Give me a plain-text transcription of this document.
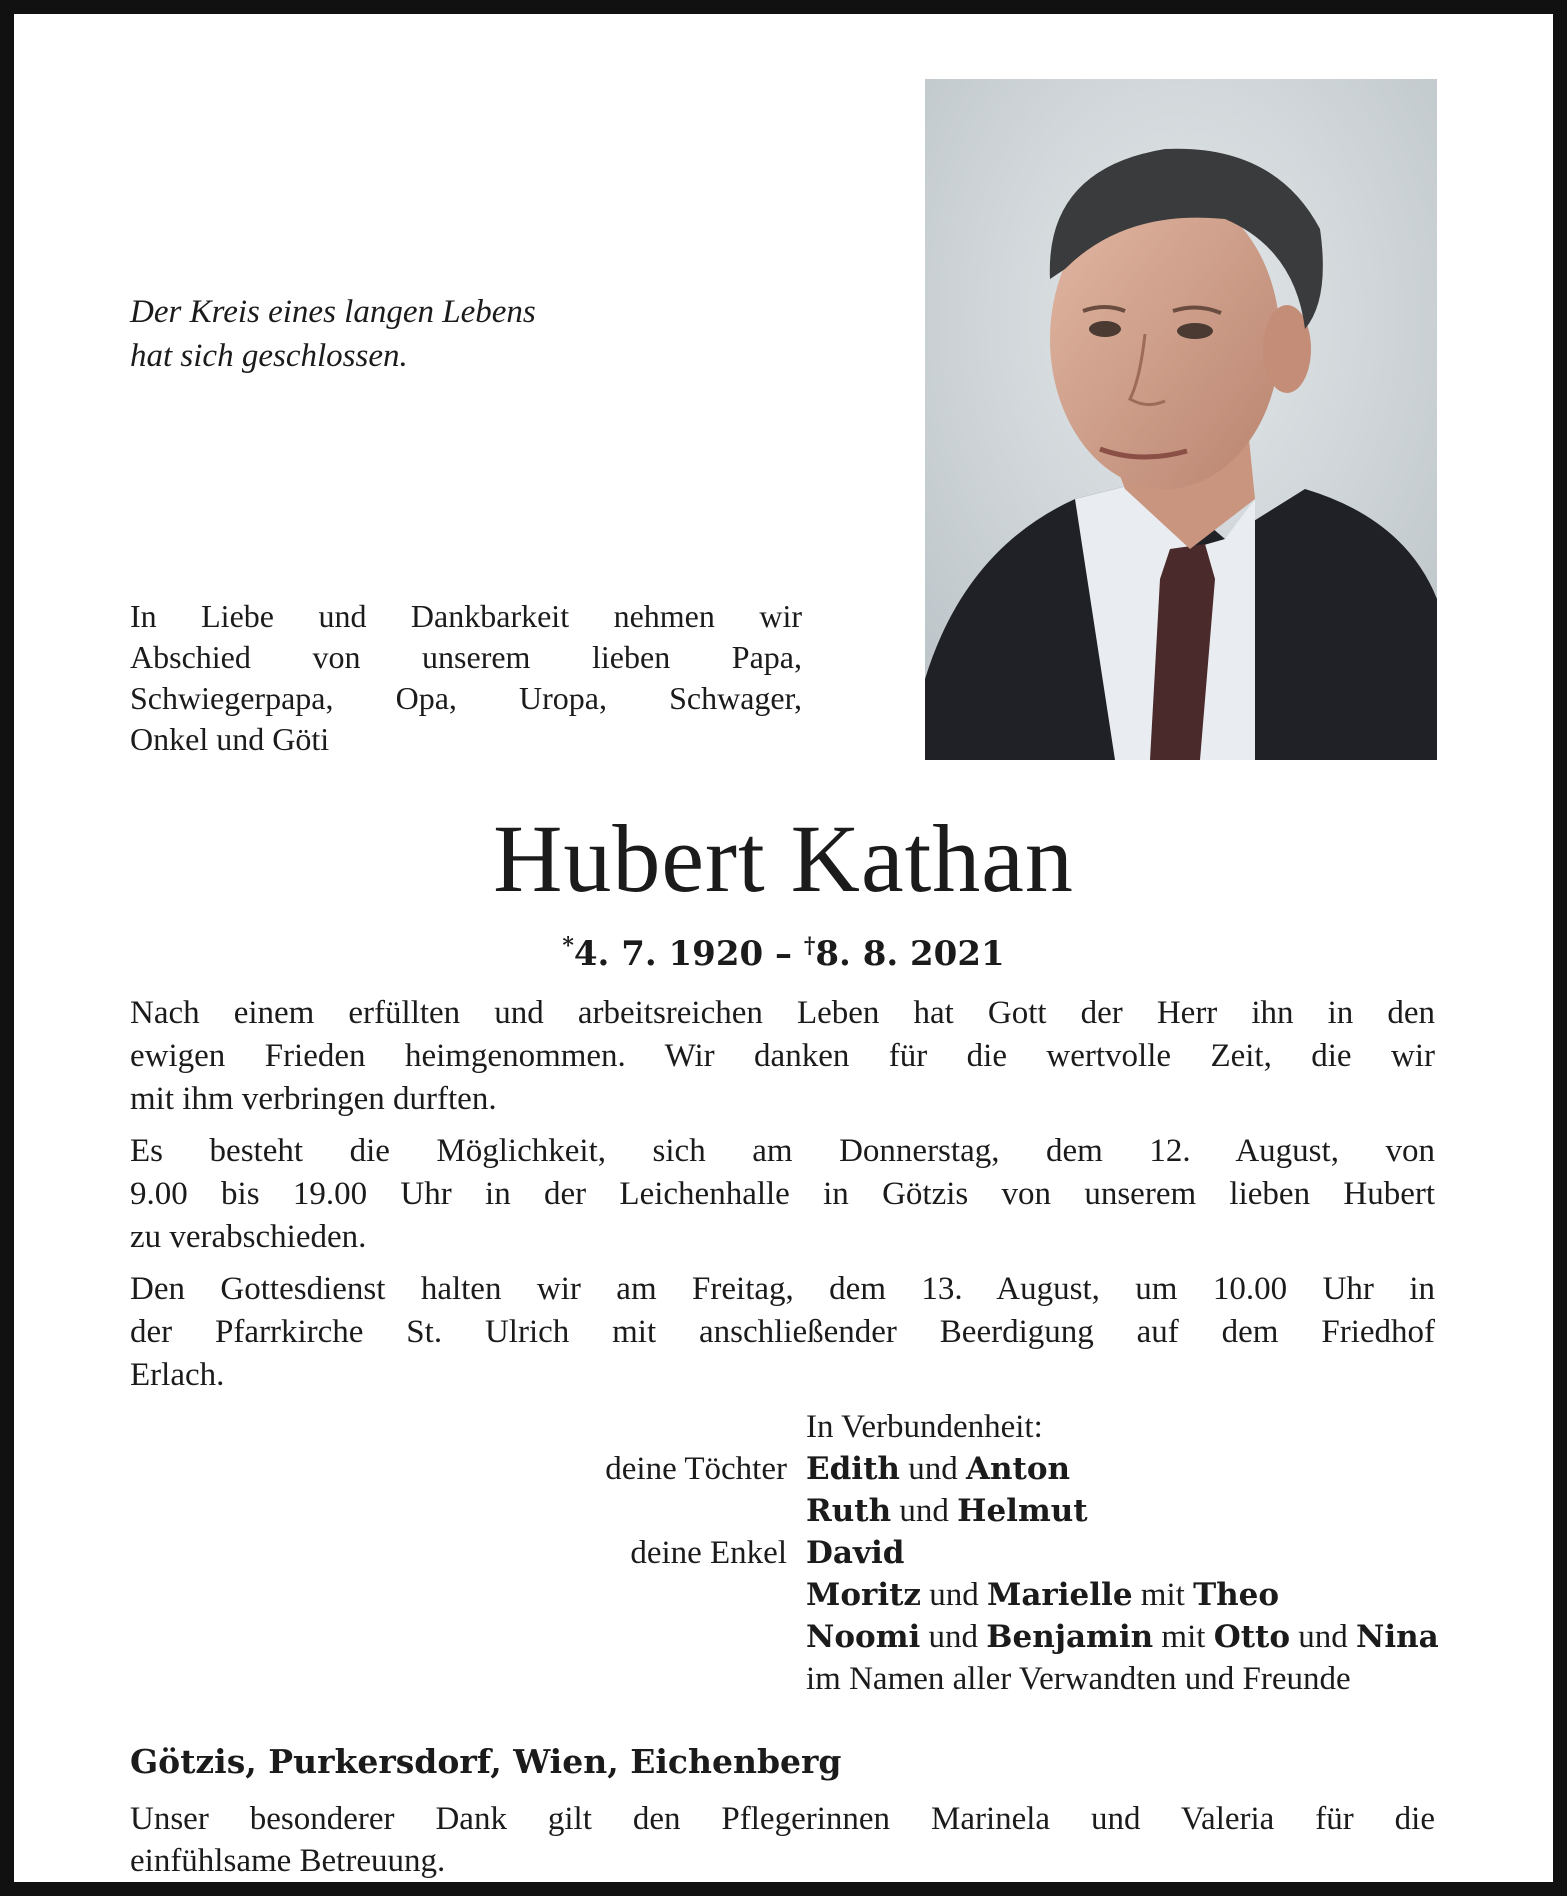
Der Kreis eines langen Lebens
hat sich geschlossen.
In Liebe und Dankbarkeit nehmen wir
Abschied von unserem lieben Papa,
Schwiegerpapa, Opa, Uropa, Schwager,
Onkel und Göti
Hubert Kathan
*4. 7. 1920 – †8. 8. 2021
Nach einem erfüllten und arbeitsreichen Leben hat Gott der Herr ihn in den
ewigen Frieden heimgenommen. Wir danken für die wertvolle Zeit, die wir
mit ihm verbringen durften.
Es besteht die Möglichkeit, sich am Donnerstag, dem 12. August, von
9.00 bis 19.00 Uhr in der Leichenhalle in Götzis von unserem lieben Hubert
zu verabschieden.
Den Gottesdienst halten wir am Freitag, dem 13. August, um 10.00 Uhr in
der Pfarrkirche St. Ulrich mit anschließender Beerdigung auf dem Friedhof
Erlach.
In Verbundenheit:
deine Töchter Edith und Anton
Ruth und Helmut
deine Enkel David
Moritz und Marielle mit Theo
Noomi und Benjamin mit Otto und Nina
im Namen aller Verwandten und Freunde
Götzis, Purkersdorf, Wien, Eichenberg
Unser besonderer Dank gilt den Pflegerinnen Marinela und Valeria für die
einfühlsame Betreuung.
